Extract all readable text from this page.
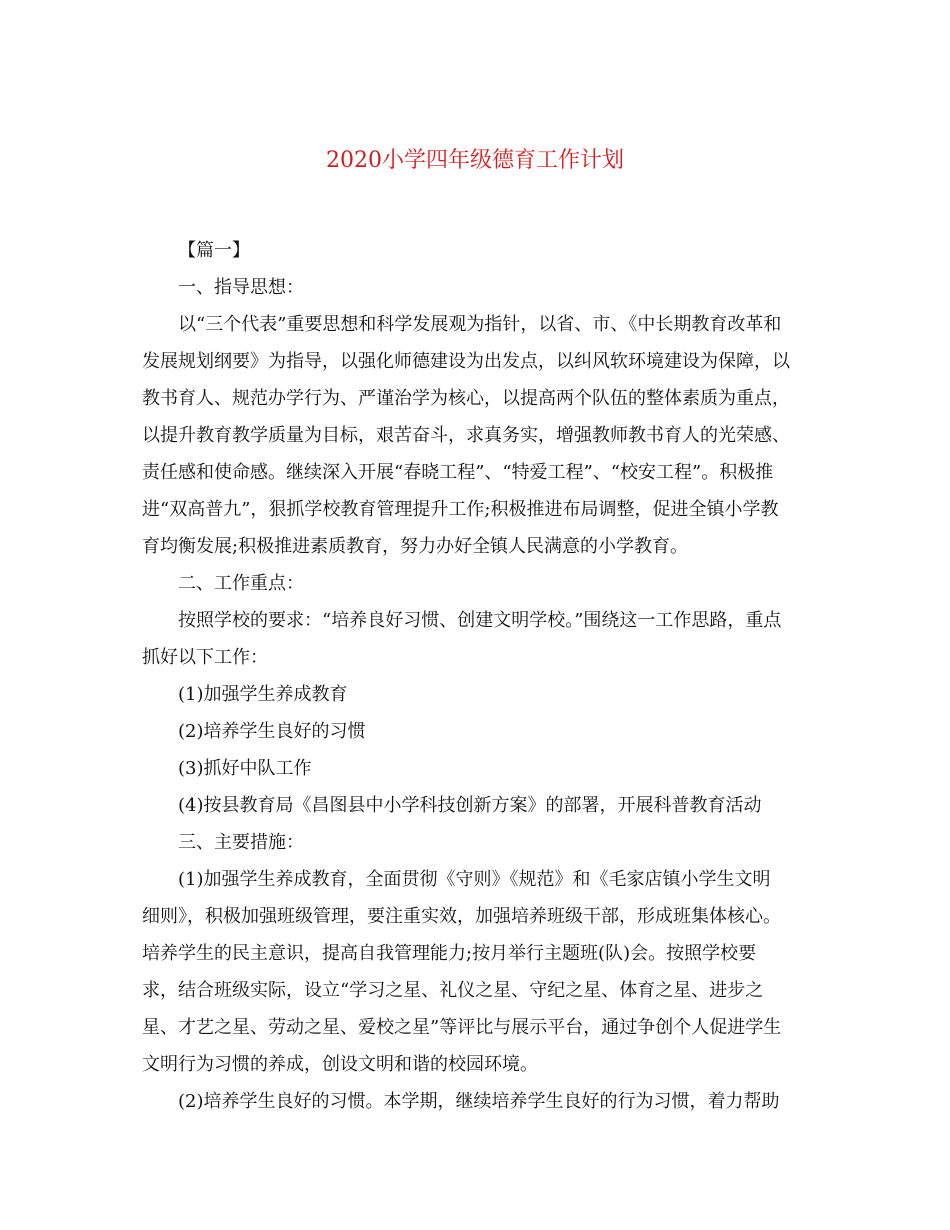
2020小学四年级德育工作计划

【篇一】

一、指导思想：

以“三个代表”重要思想和科学发展观为指针，以省、市、《中长期教育改革和
发展规划纲要》为指导，以强化师德建设为出发点，以纠风软环境建设为保障，以
教书育人、规范办学行为、严谨治学为核心，以提高两个队伍的整体素质为重点，
以提升教育教学质量为目标，艰苦奋斗，求真务实，增强教师教书育人的光荣感、
责任感和使命感。继续深入开展“春晓工程”、“特爱工程”、“校安工程”。积极推
进“双高普九”，狠抓学校教育管理提升工作;积极推进布局调整，促进全镇小学教
育均衡发展;积极推进素质教育，努力办好全镇人民满意的小学教育。

二、工作重点：

按照学校的要求：“培养良好习惯、创建文明学校。”围绕这一工作思路，重点
抓好以下工作：

(1)加强学生养成教育

(2)培养学生良好的习惯

(3)抓好中队工作

(4)按县教育局《昌图县中小学科技创新方案》的部署，开展科普教育活动

三、主要措施：

(1)加强学生养成教育，全面贯彻《守则》《规范》和《毛家店镇小学生文明
细则》，积极加强班级管理，要注重实效，加强培养班级干部，形成班集体核心。
培养学生的民主意识，提高自我管理能力;按月举行主题班(队)会。按照学校要
求，结合班级实际，设立“学习之星、礼仪之星、守纪之星、体育之星、进步之
星、才艺之星、劳动之星、爱校之星”等评比与展示平台，通过争创个人促进学生
文明行为习惯的养成，创设文明和谐的校园环境。

(2)培养学生良好的习惯。本学期，继续培养学生良好的行为习惯，着力帮助
